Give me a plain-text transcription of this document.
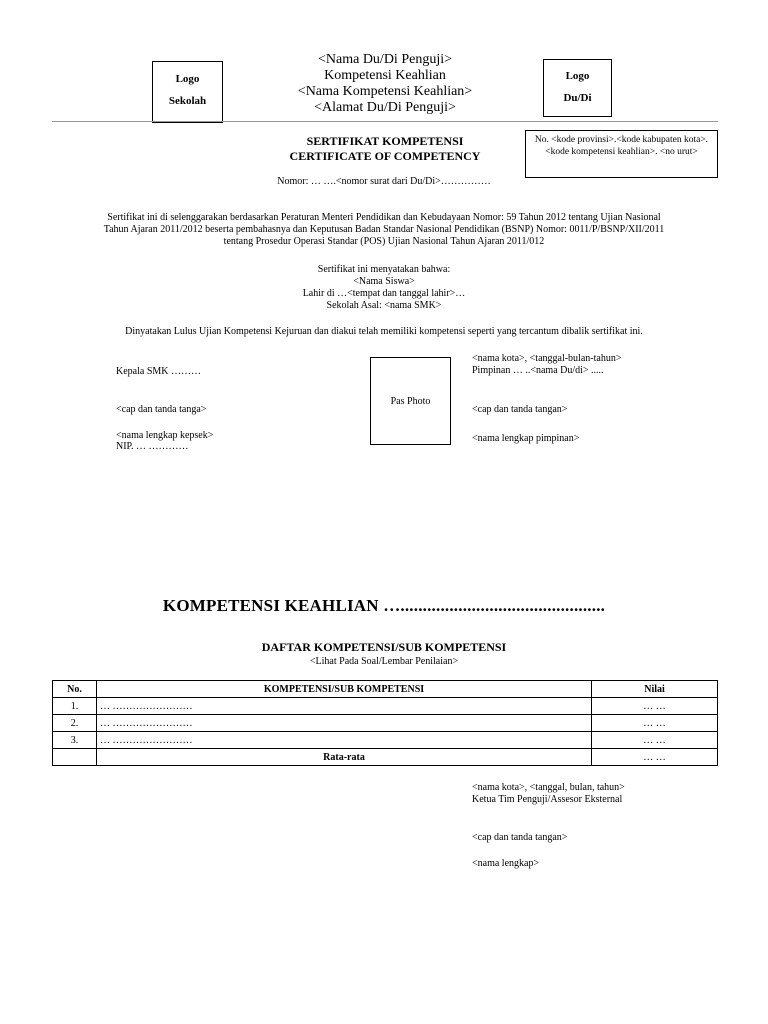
Logo
Sekolah
Logo
Du/Di
<Nama Du/Di Penguji>
Kompetensi Keahlian
<Nama Kompetensi Keahlian>
<Alamat Du/Di Penguji>
SERTIFIKAT KOMPETENSI
CERTIFICATE OF COMPETENCY
No. <kode provinsi>.<kode kabupaten kota>. <kode kompetensi keahlian>. <no urut>
Nomor: … ….<nomor surat dari Du/Di>……………
Sertifikat ini di selenggarakan berdasarkan Peraturan Menteri Pendidikan dan Kebudayaan Nomor: 59 Tahun 2012 tentang Ujian Nasional
Tahun Ajaran 2011/2012 beserta pembahasnya dan Keputusan Badan Standar Nasional Pendidikan (BSNP) Nomor: 0011/P/BSNP/XII/2011
tentang Prosedur Operasi Standar (POS) Ujian Nasional Tahun Ajaran 2011/012
Sertifikat ini menyatakan bahwa:
<Nama Siswa>
Lahir di …<tempat dan tanggal lahir>…
Sekolah Asal: <nama SMK>
Dinyatakan Lulus Ujian Kompetensi Kejuruan dan diakui telah memiliki kompetensi seperti yang tercantum dibalik sertifikat ini.
Kepala SMK ………
<cap dan tanda tanga>
<nama lengkap kepsek>
NIP. … …………
Pas Photo
<nama kota>, <tanggal-bulan-tahun>
Pimpinan … ..<nama Du/di> .....
<cap dan tanda tangan>
<nama lengkap pimpinan>
KOMPETENSI KEAHLIAN …..............................................
DAFTAR KOMPETENSI/SUB KOMPETENSI
<Lihat Pada Soal/Lembar Penilaian>
No.	KOMPETENSI/SUB KOMPETENSI	Nilai
1.	… ……………………	… …
2.	… ……………………	… …
3.	… ……………………	… …
	Rata-rata	… …
<nama kota>, <tanggal, bulan, tahun>
Ketua Tim Penguji/Assesor Eksternal
<cap dan tanda tangan>
<nama lengkap>
